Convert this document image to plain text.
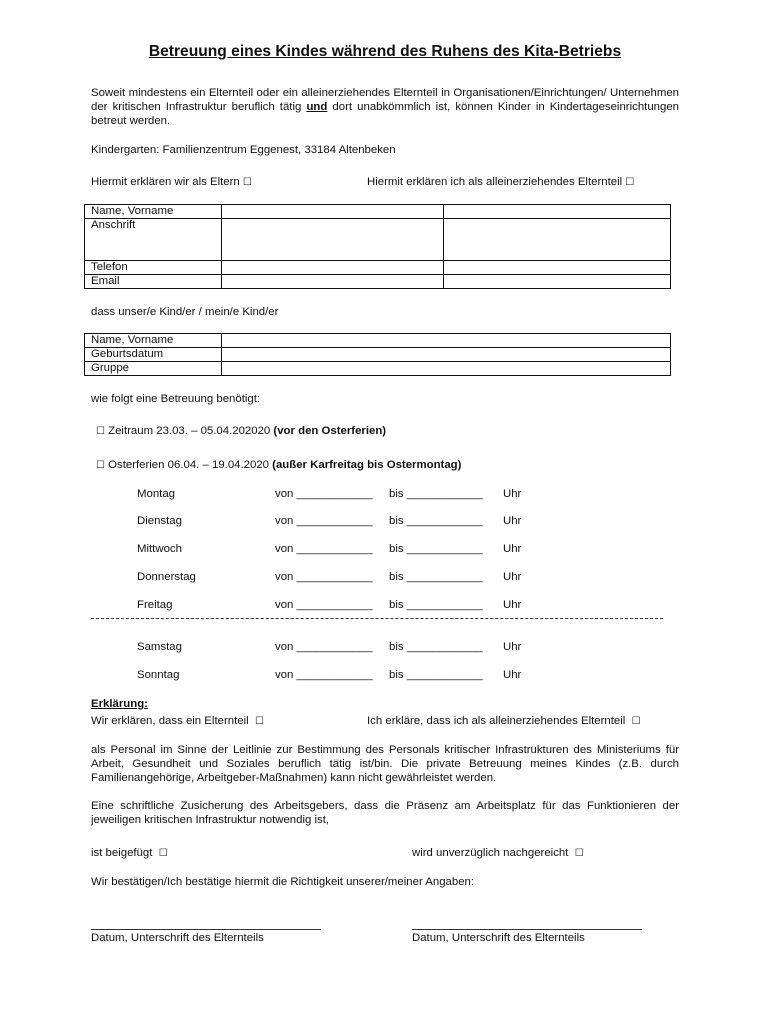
Betreuung eines Kindes während des Ruhens des Kita-Betriebs
Soweit mindestens ein Elternteil oder ein alleinerziehendes Elternteil in Organisationen/Einrichtungen/ Unternehmen der kritischen Infrastruktur beruflich tätig und dort unabkömmlich ist, können Kinder in Kindertageseinrichtungen betreut werden.
Kindergarten: Familienzentrum Eggenest, 33184 Altenbeken
Hiermit erklären wir als Eltern ☐	Hiermit erklären ich als alleinerziehendes Elternteil ☐
Name, Vorname		
Anschrift		
Telefon		
Email		
dass unser/e Kind/er / mein/e Kind/er
Name, Vorname	
Geburtsdatum	
Gruppe	
wie folgt eine Betreuung benötigt:
☐ Zeitraum 23.03. – 05.04.202020 (vor den Osterferien)
☐ Osterferien 06.04. – 19.04.2020 (außer Karfreitag bis Ostermontag)
Montag	von ____________ bis ____________ Uhr
Dienstag	von ____________ bis ____________ Uhr
Mittwoch	von ____________ bis ____________ Uhr
Donnerstag	von ____________ bis ____________ Uhr
Freitag	von ____________ bis ____________ Uhr
Samstag	von ____________ bis ____________ Uhr
Sonntag	von ____________ bis ____________ Uhr
Erklärung:
Wir erklären, dass ein Elternteil ☐	Ich erkläre, dass ich als alleinerziehendes Elternteil ☐
als Personal im Sinne der Leitlinie zur Bestimmung des Personals kritischer Infrastrukturen des Ministeriums für Arbeit, Gesundheit und Soziales beruflich tätig ist/bin. Die private Betreuung meines Kindes (z.B. durch Familienangehörige, Arbeitgeber-Maßnahmen) kann nicht gewährleistet werden.
Eine schriftliche Zusicherung des Arbeitsgebers, dass die Präsenz am Arbeitsplatz für das Funktionieren der jeweiligen kritischen Infrastruktur notwendig ist,
ist beigefügt ☐	wird unverzüglich nachgereicht ☐
Wir bestätigen/Ich bestätige hiermit die Richtigkeit unserer/meiner Angaben:
Datum, Unterschrift des Elternteils	Datum, Unterschrift des Elternteils
